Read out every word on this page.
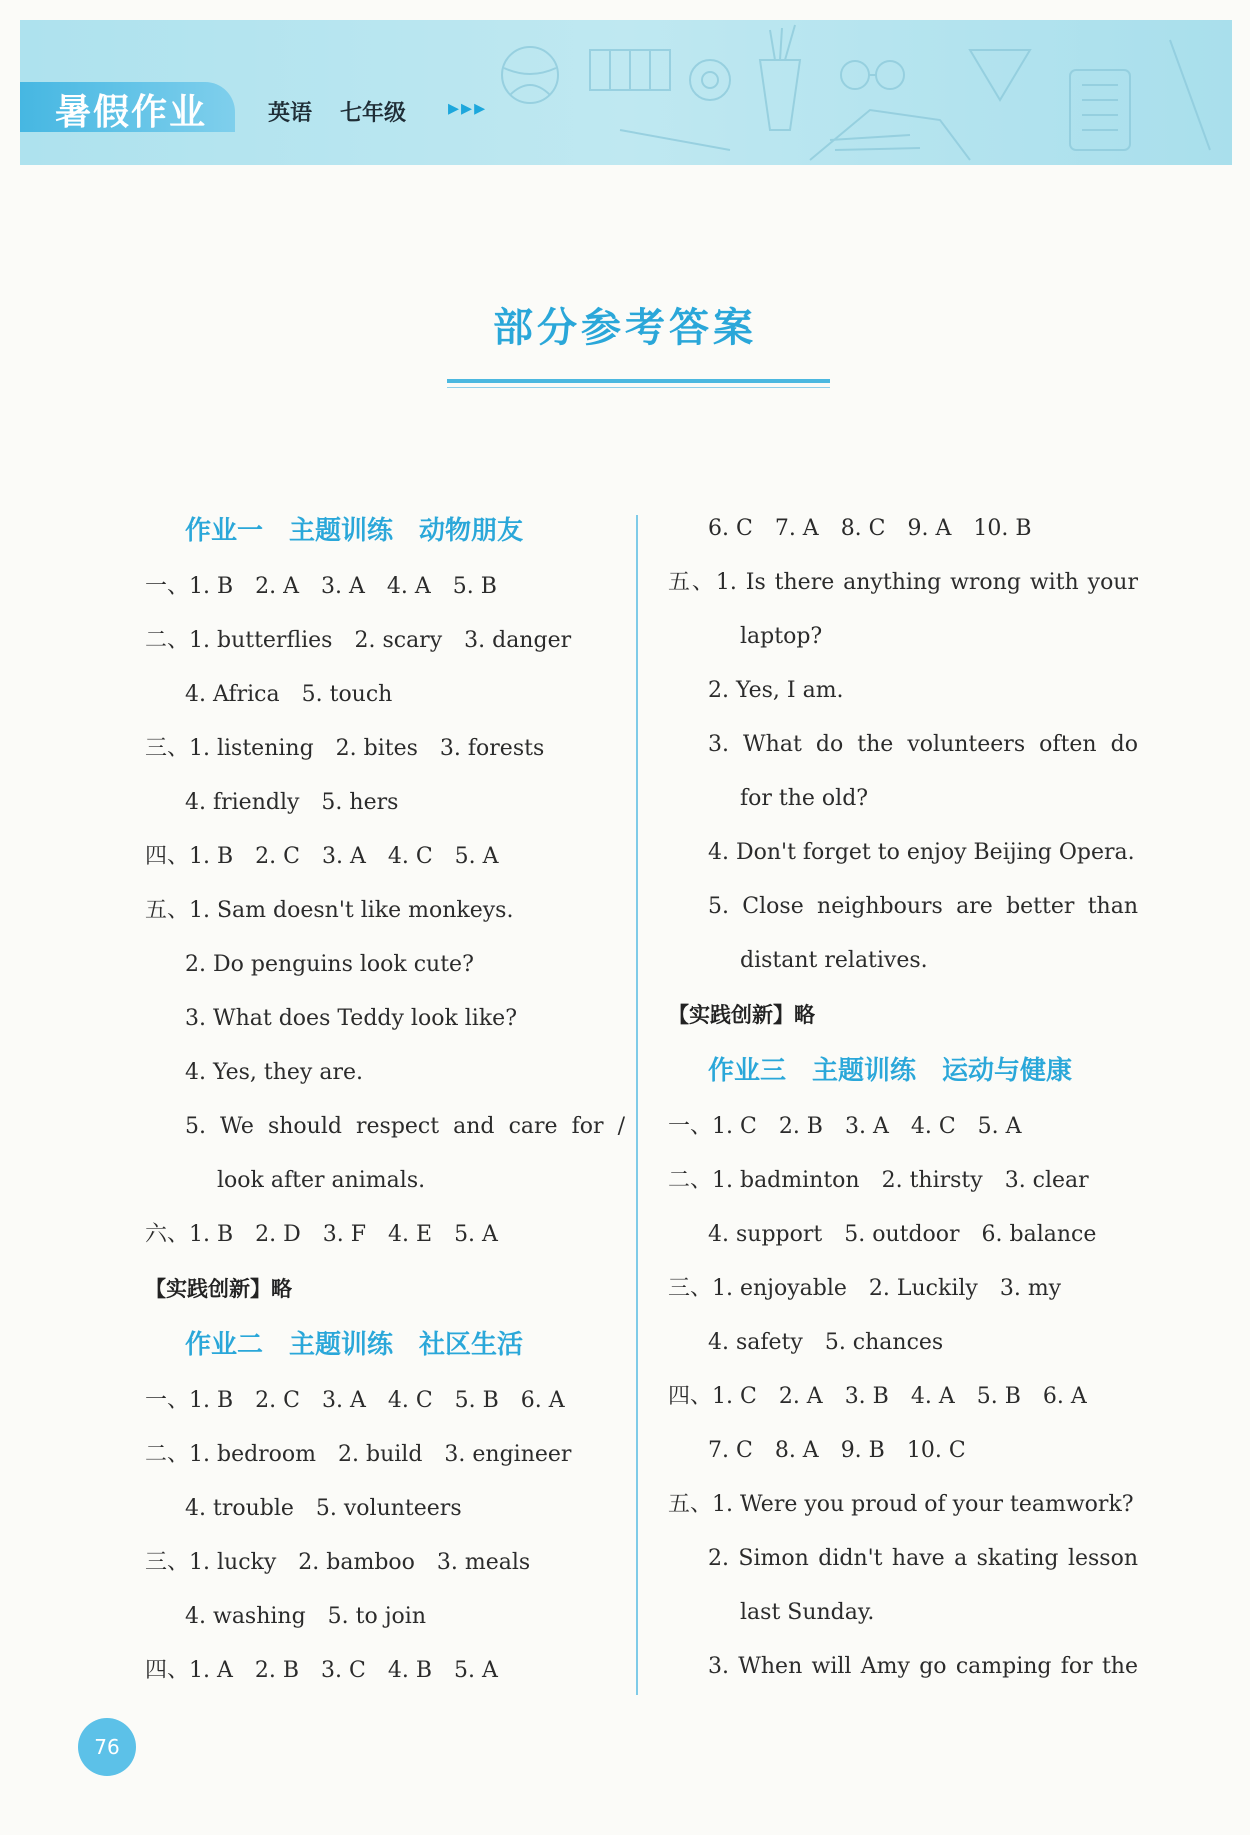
暑假作业	英语 七年级 ▸▸▸
部分参考答案
作业一　主题训练　动物朋友
一、1. B　2. A　3. A　4. A　5. B
二、1. butterflies　2. scary　3. danger
4. Africa　5. touch
三、1. listening　2. bites　3. forests
4. friendly　5. hers
四、1. B　2. C　3. A　4. C　5. A
五、1. Sam doesn't like monkeys.
2. Do penguins look cute?
3. What does Teddy look like?
4. Yes, they are.
5. We should respect and care for /
look after animals.
六、1. B　2. D　3. F　4. E　5. A
【实践创新】略
作业二　主题训练　社区生活
一、1. B　2. C　3. A　4. C　5. B　6. A
二、1. bedroom　2. build　3. engineer
4. trouble　5. volunteers
三、1. lucky　2. bamboo　3. meals
4. washing　5. to join
四、1. A　2. B　3. C　4. B　5. A
6. C　7. A　8. C　9. A　10. B
五、1. Is there anything wrong with your
laptop?
2. Yes, I am.
3. What do the volunteers often do
for the old?
4. Don't forget to enjoy Beijing Opera.
5. Close neighbours are better than
distant relatives.
【实践创新】略
作业三　主题训练　运动与健康
一、1. C　2. B　3. A　4. C　5. A
二、1. badminton　2. thirsty　3. clear
4. support　5. outdoor　6. balance
三、1. enjoyable　2. Luckily　3. my
4. safety　5. chances
四、1. C　2. A　3. B　4. A　5. B　6. A
7. C　8. A　9. B　10. C
五、1. Were you proud of your teamwork?
2. Simon didn't have a skating lesson
last Sunday.
3. When will Amy go camping for the
76
